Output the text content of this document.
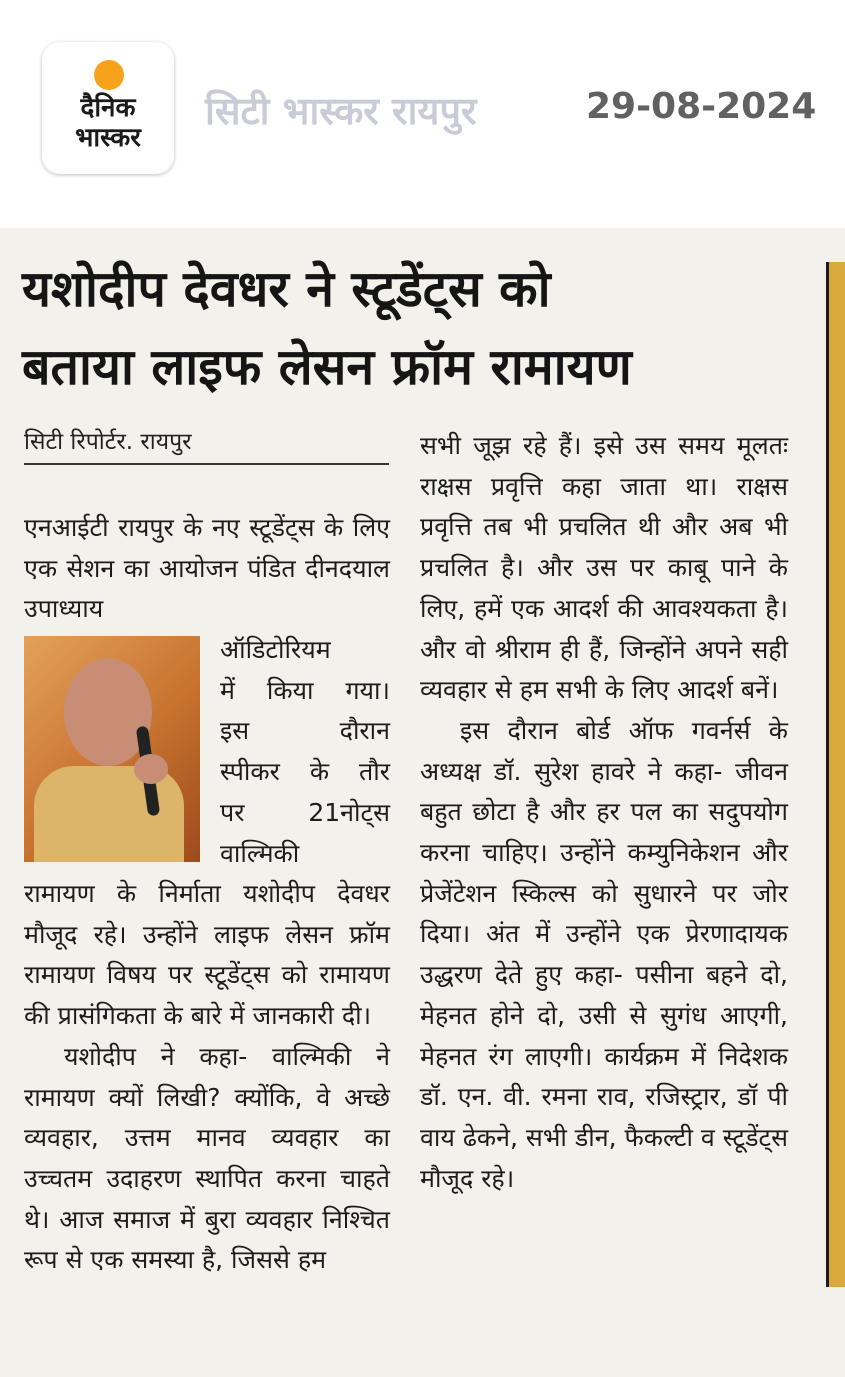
दैनिक
भास्कर
सिटी भास्कर रायपुर	29-08-2024
यशोदीप देवधर ने स्टूडेंट्स को
बताया लाइफ लेसन फ्रॉम रामायण
सिटी रिपोर्टर. रायपुर

एनआईटी रायपुर के नए स्टूडेंट्स के लिए एक सेशन का आयोजन पंडित दीनदयाल उपाध्याय

ऑडिटोरियम
में किया गया।
इस दौरान
स्पीकर के तौर
पर 21नोट्स
वाल्मिकी

रामायण के निर्माता यशोदीप देवधर मौजूद रहे। उन्होंने लाइफ लेसन फ्रॉम रामायण विषय पर स्टूडेंट्स को रामायण की प्रासंगिकता के बारे में जानकारी दी।

यशोदीप ने कहा- वाल्मिकी ने रामायण क्यों लिखी? क्योंकि, वे अच्छे व्यवहार, उत्तम मानव व्यवहार का उच्चतम उदाहरण स्थापित करना चाहते थे। आज समाज में बुरा व्यवहार निश्चित रूप से एक समस्या है, जिससे हम

सभी जूझ रहे हैं। इसे उस समय मूलतः राक्षस प्रवृत्ति कहा जाता था। राक्षस प्रवृत्ति तब भी प्रचलित थी और अब भी प्रचलित है। और उस पर काबू पाने के लिए, हमें एक आदर्श की आवश्यकता है। और वो श्रीराम ही हैं, जिन्होंने अपने सही व्यवहार से हम सभी के लिए आदर्श बनें।

इस दौरान बोर्ड ऑफ गवर्नर्स के अध्यक्ष डॉ. सुरेश हावरे ने कहा- जीवन बहुत छोटा है और हर पल का सदुपयोग करना चाहिए। उन्होंने कम्युनिकेशन और प्रेजेंटेशन स्किल्स को सुधारने पर जोर दिया। अंत में उन्होंने एक प्रेरणादायक उद्धरण देते हुए कहा- पसीना बहने दो, मेहनत होने दो, उसी से सुगंध आएगी, मेहनत रंग लाएगी। कार्यक्रम में निदेशक डॉ. एन. वी. रमना राव, रजिस्ट्रार, डॉ पी वाय ढेकने, सभी डीन, फैकल्टी व स्टूडेंट्स मौजूद रहे।
